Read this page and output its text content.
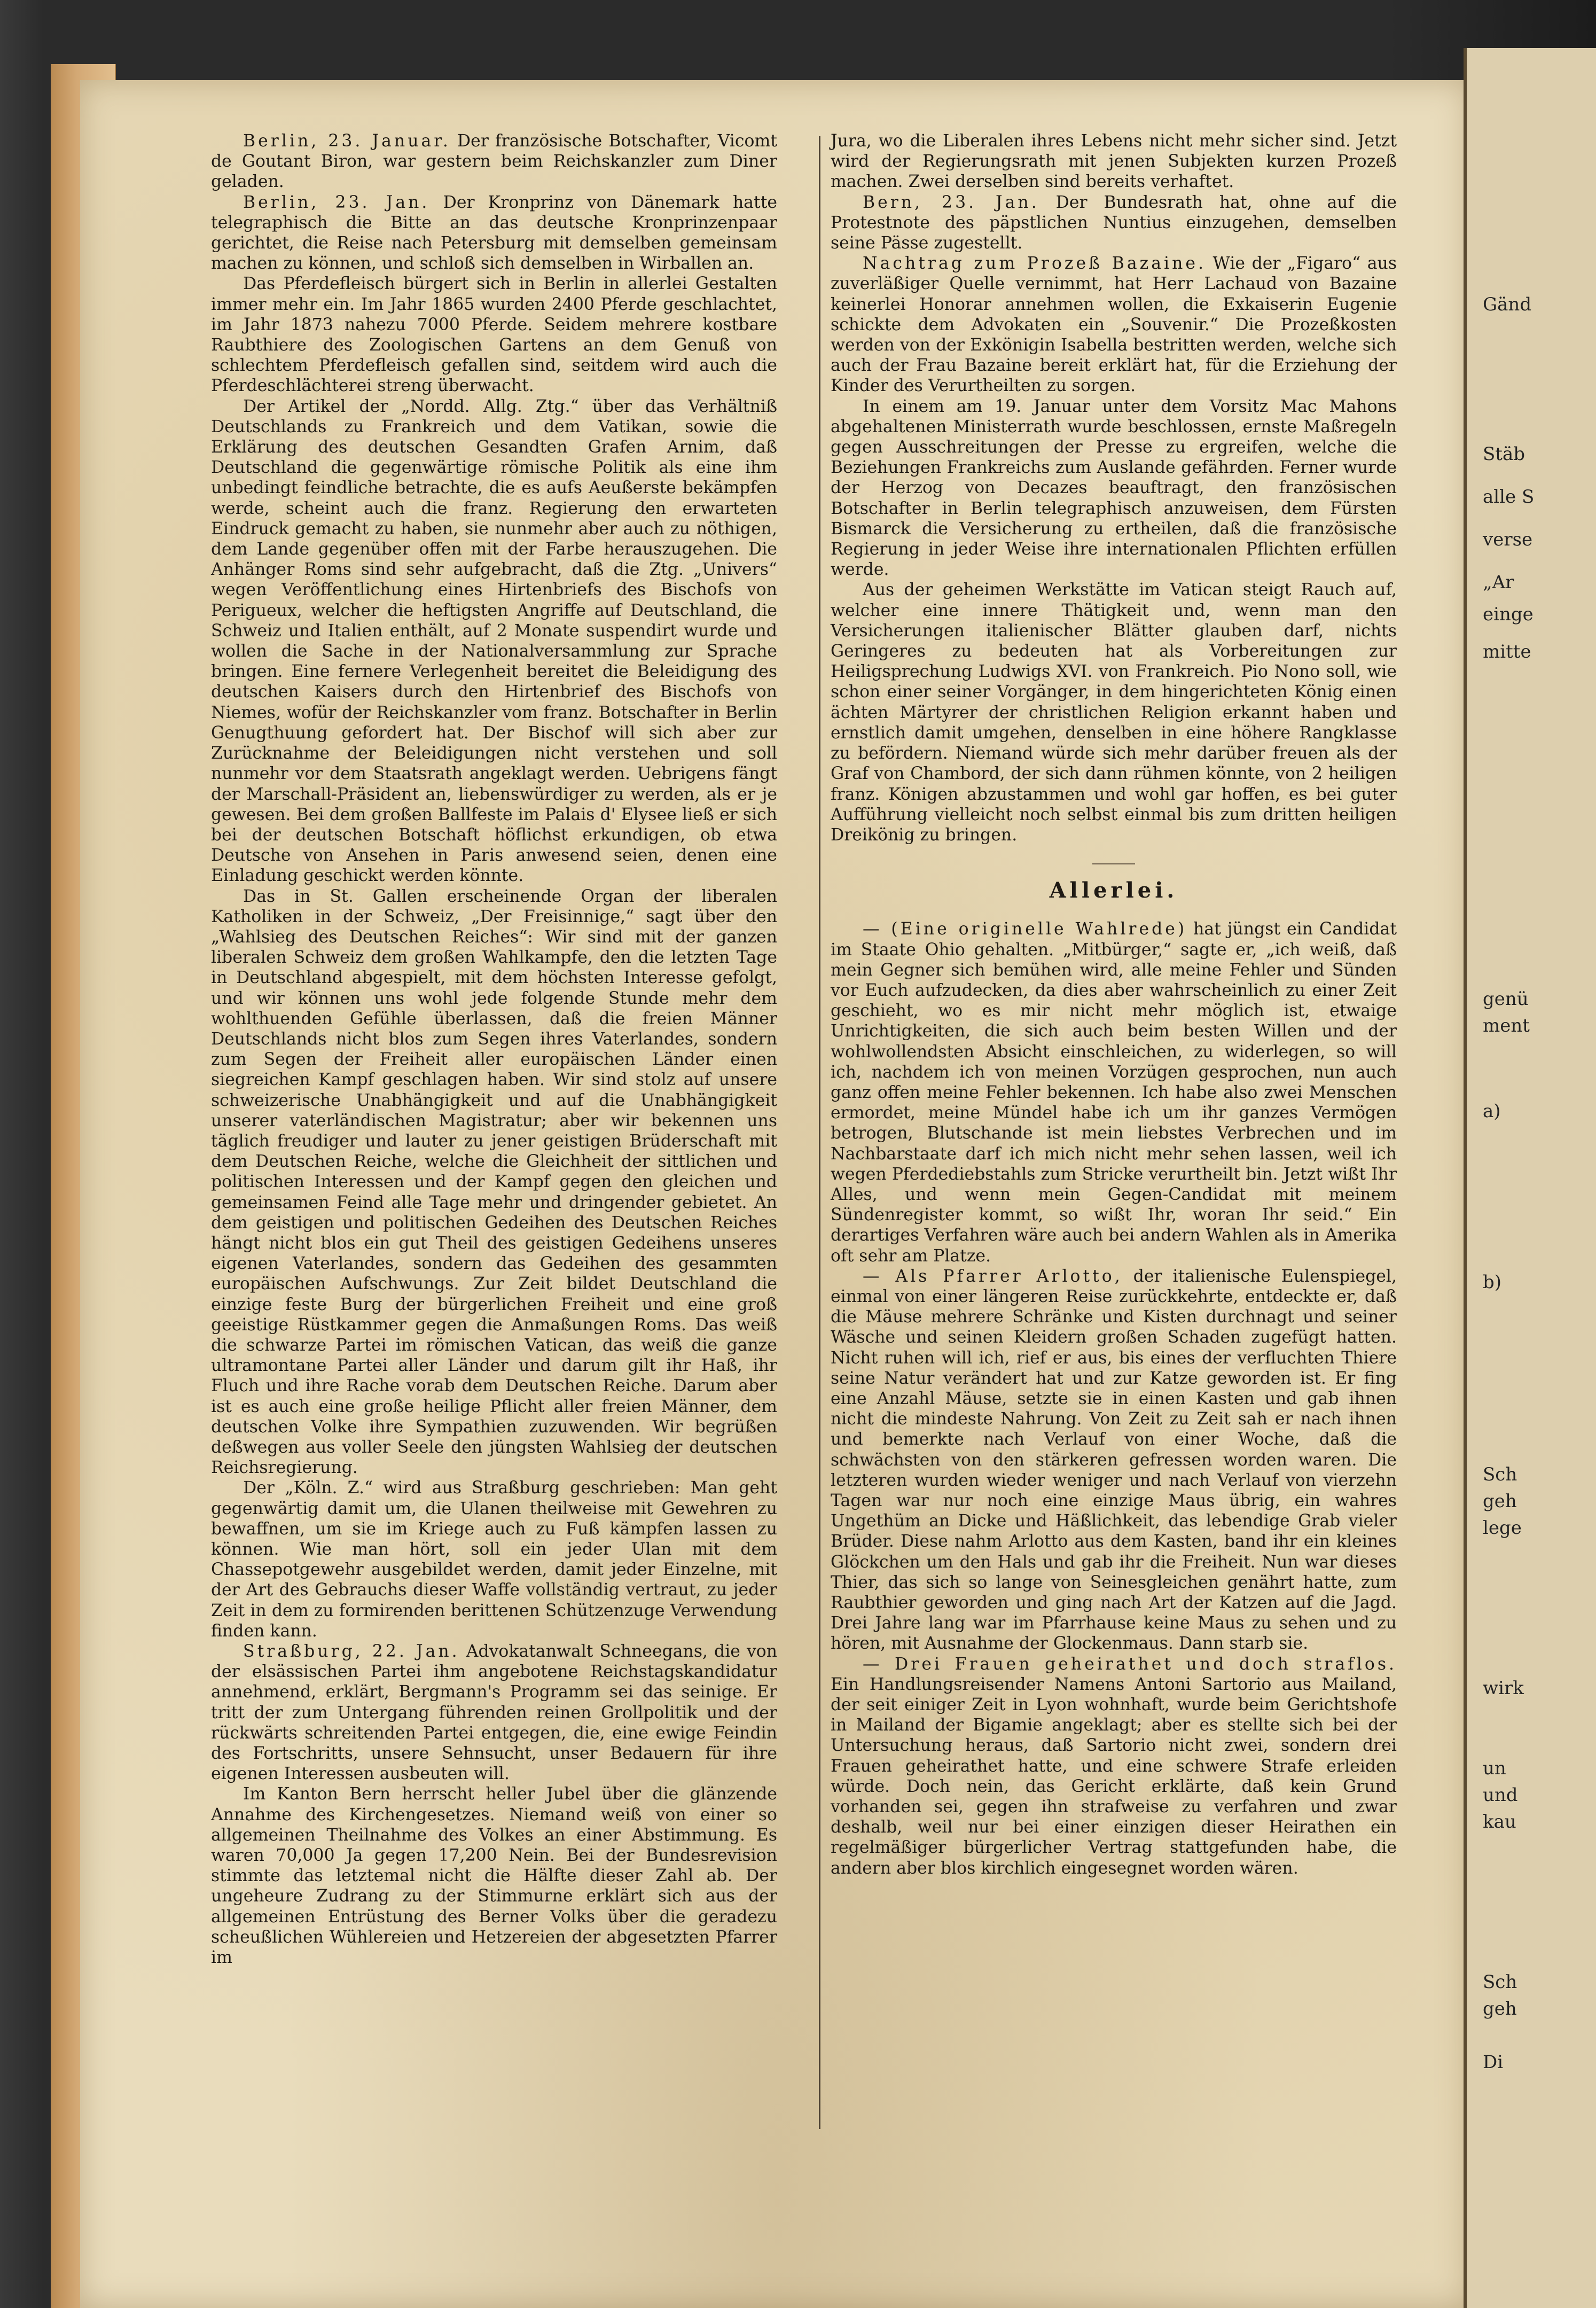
Gänd
Stäb
alle S
verse
„Ar
einge
mitte
genü
ment
a)
b)
Sch
geh
lege
wirk
un
und
kau
Sch
geh
Di

Berlin, 23. Januar. Der französische Botschafter, Vicomt de Goutant Biron, war gestern beim Reichskanzler zum Diner geladen.

Berlin, 23. Jan. Der Kronprinz von Dänemark hatte telegraphisch die Bitte an das deutsche Kronprinzenpaar gerichtet, die Reise nach Petersburg mit demselben gemeinsam machen zu können, und schloß sich demselben in Wirballen an.

Das Pferdefleisch bürgert sich in Berlin in allerlei Gestalten immer mehr ein. Im Jahr 1865 wurden 2400 Pferde geschlachtet, im Jahr 1873 nahezu 7000 Pferde. Seidem mehrere kostbare Raubthiere des Zoologischen Gartens an dem Genuß von schlechtem Pferdefleisch gefallen sind, seitdem wird auch die Pferdeschlächterei streng überwacht.

Der Artikel der „Nordd. Allg. Ztg.“ über das Verhältniß Deutschlands zu Frankreich und dem Vatikan, sowie die Erklärung des deutschen Gesandten Grafen Arnim, daß Deutschland die gegenwärtige römische Politik als eine ihm unbedingt feindliche betrachte, die es aufs Aeußerste bekämpfen werde, scheint auch die franz. Regierung den erwarteten Eindruck gemacht zu haben, sie nunmehr aber auch zu nöthigen, dem Lande gegenüber offen mit der Farbe herauszugehen. Die Anhänger Roms sind sehr aufgebracht, daß die Ztg. „Univers“ wegen Veröffentlichung eines Hirtenbriefs des Bischofs von Perigueux, welcher die heftigsten Angriffe auf Deutschland, die Schweiz und Italien enthält, auf 2 Monate suspendirt wurde und wollen die Sache in der Nationalversammlung zur Sprache bringen. Eine fernere Verlegenheit bereitet die Beleidigung des deutschen Kaisers durch den Hirtenbrief des Bischofs von Niemes, wofür der Reichskanzler vom franz. Botschafter in Berlin Genugthuung gefordert hat. Der Bischof will sich aber zur Zurücknahme der Beleidigungen nicht verstehen und soll nunmehr vor dem Staatsrath angeklagt werden. Uebrigens fängt der Marschall-Präsident an, liebenswürdiger zu werden, als er je gewesen. Bei dem großen Ballfeste im Palais d' Elysee ließ er sich bei der deutschen Botschaft höflichst erkundigen, ob etwa Deutsche von Ansehen in Paris anwesend seien, denen eine Einladung geschickt werden könnte.

Das in St. Gallen erscheinende Organ der liberalen Katholiken in der Schweiz, „Der Freisinnige,“ sagt über den „Wahlsieg des Deutschen Reiches“: Wir sind mit der ganzen liberalen Schweiz dem großen Wahlkampfe, den die letzten Tage in Deutschland abgespielt, mit dem höchsten Interesse gefolgt, und wir können uns wohl jede folgende Stunde mehr dem wohlthuenden Gefühle überlassen, daß die freien Männer Deutschlands nicht blos zum Segen ihres Vaterlandes, sondern zum Segen der Freiheit aller europäischen Länder einen siegreichen Kampf geschlagen haben. Wir sind stolz auf unsere schweizerische Unabhängigkeit und auf die Unabhängigkeit unserer vaterländischen Magistratur; aber wir bekennen uns täglich freudiger und lauter zu jener geistigen Brüderschaft mit dem Deutschen Reiche, welche die Gleichheit der sittlichen und politischen Interessen und der Kampf gegen den gleichen und gemeinsamen Feind alle Tage mehr und dringender gebietet. An dem geistigen und politischen Gedeihen des Deutschen Reiches hängt nicht blos ein gut Theil des geistigen Gedeihens unseres eigenen Vaterlandes, sondern das Gedeihen des gesammten europäischen Aufschwungs. Zur Zeit bildet Deutschland die einzige feste Burg der bürgerlichen Freiheit und eine groß geeistige Rüstkammer gegen die Anmaßungen Roms. Das weiß die schwarze Partei im römischen Vatican, das weiß die ganze ultramontane Partei aller Länder und darum gilt ihr Haß, ihr Fluch und ihre Rache vorab dem Deutschen Reiche. Darum aber ist es auch eine große heilige Pflicht aller freien Männer, dem deutschen Volke ihre Sympathien zuzuwenden. Wir begrüßen deßwegen aus voller Seele den jüngsten Wahlsieg der deutschen Reichsregierung.

Der „Köln. Z.“ wird aus Straßburg geschrieben: Man geht gegenwärtig damit um, die Ulanen theilweise mit Gewehren zu bewaffnen, um sie im Kriege auch zu Fuß kämpfen lassen zu können. Wie man hört, soll ein jeder Ulan mit dem Chassepotgewehr ausgebildet werden, damit jeder Einzelne, mit der Art des Gebrauchs dieser Waffe vollständig vertraut, zu jeder Zeit in dem zu formirenden berittenen Schützenzuge Verwendung finden kann.

Straßburg, 22. Jan. Advokatanwalt Schneegans, die von der elsässischen Partei ihm angebotene Reichstagskandidatur annehmend, erklärt, Bergmann's Programm sei das seinige. Er tritt der zum Untergang führenden reinen Grollpolitik und der rückwärts schreitenden Partei entgegen, die, eine ewige Feindin des Fortschritts, unsere Sehnsucht, unser Bedauern für ihre eigenen Interessen ausbeuten will.

Im Kanton Bern herrscht heller Jubel über die glänzende Annahme des Kirchengesetzes. Niemand weiß von einer so allgemeinen Theilnahme des Volkes an einer Abstimmung. Es waren 70,000 Ja gegen 17,200 Nein. Bei der Bundesrevision stimmte das letztemal nicht die Hälfte dieser Zahl ab. Der ungeheure Zudrang zu der Stimmurne erklärt sich aus der allgemeinen Entrüstung des Berner Volks über die geradezu scheußlichen Wühlereien und Hetzereien der abgesetzten Pfarrer im

Jura, wo die Liberalen ihres Lebens nicht mehr sicher sind. Jetzt wird der Regierungsrath mit jenen Subjekten kurzen Prozeß machen. Zwei derselben sind bereits verhaftet.

Bern, 23. Jan. Der Bundesrath hat, ohne auf die Protestnote des päpstlichen Nuntius einzugehen, demselben seine Pässe zugestellt.

Nachtrag zum Prozeß Bazaine. Wie der „Figaro“ aus zuverläßiger Quelle vernimmt, hat Herr Lachaud von Bazaine keinerlei Honorar annehmen wollen, die Exkaiserin Eugenie schickte dem Advokaten ein „Souvenir.“ Die Prozeßkosten werden von der Exkönigin Isabella bestritten werden, welche sich auch der Frau Bazaine bereit erklärt hat, für die Erziehung der Kinder des Verurtheilten zu sorgen.

In einem am 19. Januar unter dem Vorsitz Mac Mahons abgehaltenen Ministerrath wurde beschlossen, ernste Maßregeln gegen Ausschreitungen der Presse zu ergreifen, welche die Beziehungen Frankreichs zum Auslande gefährden. Ferner wurde der Herzog von Decazes beauftragt, den französischen Botschafter in Berlin telegraphisch anzuweisen, dem Fürsten Bismarck die Versicherung zu ertheilen, daß die französische Regierung in jeder Weise ihre internationalen Pflichten erfüllen werde.

Aus der geheimen Werkstätte im Vatican steigt Rauch auf, welcher eine innere Thätigkeit und, wenn man den Versicherungen italienischer Blätter glauben darf, nichts Geringeres zu bedeuten hat als Vorbereitungen zur Heiligsprechung Ludwigs XVI. von Frankreich. Pio Nono soll, wie schon einer seiner Vorgänger, in dem hingerichteten König einen ächten Märtyrer der christlichen Religion erkannt haben und ernstlich damit umgehen, denselben in eine höhere Rangklasse zu befördern. Niemand würde sich mehr darüber freuen als der Graf von Chambord, der sich dann rühmen könnte, von 2 heiligen franz. Königen abzustammen und wohl gar hoffen, es bei guter Aufführung vielleicht noch selbst einmal bis zum dritten heiligen Dreikönig zu bringen.

Allerlei.

— (Eine originelle Wahlrede) hat jüngst ein Candidat im Staate Ohio gehalten. „Mitbürger,“ sagte er, „ich weiß, daß mein Gegner sich bemühen wird, alle meine Fehler und Sünden vor Euch aufzudecken, da dies aber wahrscheinlich zu einer Zeit geschieht, wo es mir nicht mehr möglich ist, etwaige Unrichtigkeiten, die sich auch beim besten Willen und der wohlwollendsten Absicht einschleichen, zu widerlegen, so will ich, nachdem ich von meinen Vorzügen gesprochen, nun auch ganz offen meine Fehler bekennen. Ich habe also zwei Menschen ermordet, meine Mündel habe ich um ihr ganzes Vermögen betrogen, Blutschande ist mein liebstes Verbrechen und im Nachbarstaate darf ich mich nicht mehr sehen lassen, weil ich wegen Pferdediebstahls zum Stricke verurtheilt bin. Jetzt wißt Ihr Alles, und wenn mein Gegen-Candidat mit meinem Sündenregister kommt, so wißt Ihr, woran Ihr seid.“ Ein derartiges Verfahren wäre auch bei andern Wahlen als in Amerika oft sehr am Platze.

— Als Pfarrer Arlotto, der italienische Eulenspiegel, einmal von einer längeren Reise zurückkehrte, entdeckte er, daß die Mäuse mehrere Schränke und Kisten durchnagt und seiner Wäsche und seinen Kleidern großen Schaden zugefügt hatten. Nicht ruhen will ich, rief er aus, bis eines der verfluchten Thiere seine Natur verändert hat und zur Katze geworden ist. Er fing eine Anzahl Mäuse, setzte sie in einen Kasten und gab ihnen nicht die mindeste Nahrung. Von Zeit zu Zeit sah er nach ihnen und bemerkte nach Verlauf von einer Woche, daß die schwächsten von den stärkeren gefressen worden waren. Die letzteren wurden wieder weniger und nach Verlauf von vierzehn Tagen war nur noch eine einzige Maus übrig, ein wahres Ungethüm an Dicke und Häßlichkeit, das lebendige Grab vieler Brüder. Diese nahm Arlotto aus dem Kasten, band ihr ein kleines Glöckchen um den Hals und gab ihr die Freiheit. Nun war dieses Thier, das sich so lange von Seinesgleichen genährt hatte, zum Raubthier geworden und ging nach Art der Katzen auf die Jagd. Drei Jahre lang war im Pfarrhause keine Maus zu sehen und zu hören, mit Ausnahme der Glockenmaus. Dann starb sie.

— Drei Frauen geheirathet und doch straflos. Ein Handlungsreisender Namens Antoni Sartorio aus Mailand, der seit einiger Zeit in Lyon wohnhaft, wurde beim Gerichtshofe in Mailand der Bigamie angeklagt; aber es stellte sich bei der Untersuchung heraus, daß Sartorio nicht zwei, sondern drei Frauen geheirathet hatte, und eine schwere Strafe erleiden würde. Doch nein, das Gericht erklärte, daß kein Grund vorhanden sei, gegen ihn strafweise zu verfahren und zwar deshalb, weil nur bei einer einzigen dieser Heirathen ein regelmäßiger bürgerlicher Vertrag stattgefunden habe, die andern aber blos kirchlich eingesegnet worden wären.
